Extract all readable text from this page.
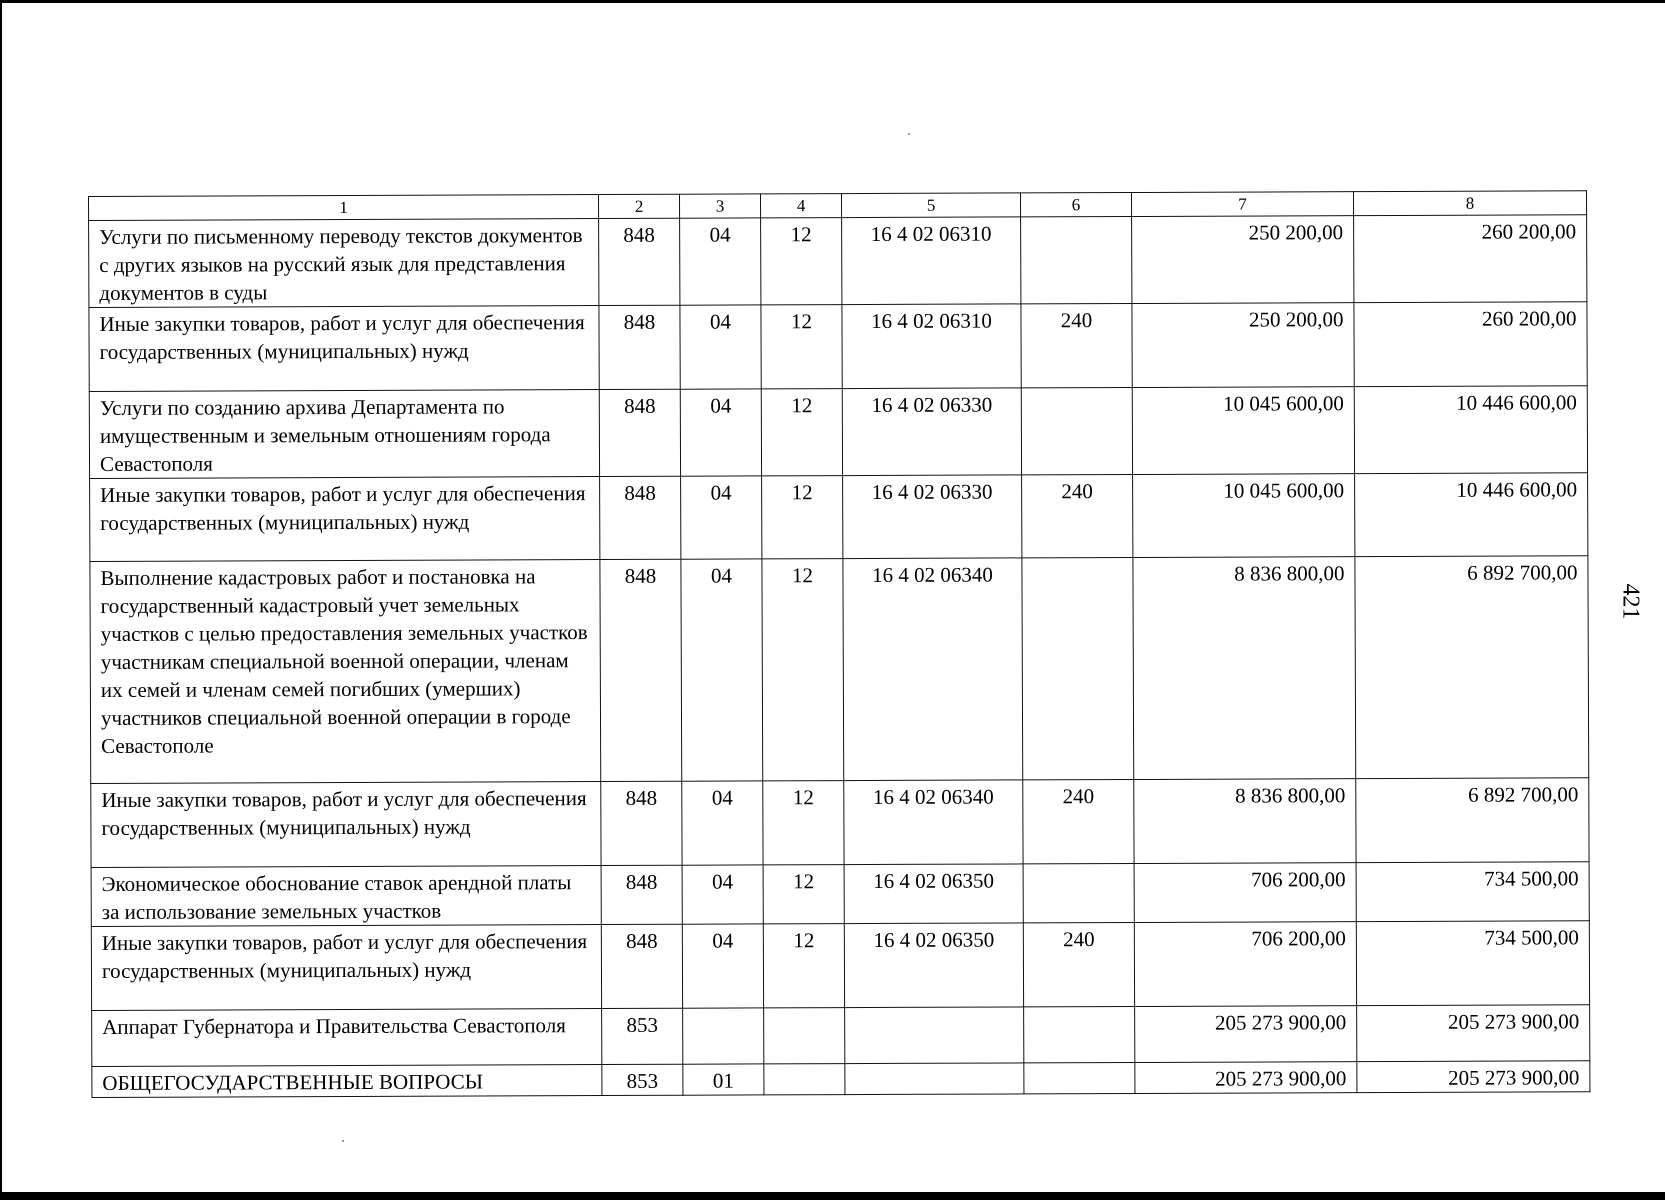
1	2	3	4	5	6	7	8
Услуги по письменному переводу текстов документов с других языков на русский язык для представления документов в суды	848	04	12	16 4 02 06310		250 200,00	260 200,00
Иные закупки товаров, работ и услуг для обеспечения государственных (муниципальных) нужд	848	04	12	16 4 02 06310	240	250 200,00	260 200,00
Услуги по созданию архива Департамента по имущественным и земельным отношениям города Севастополя	848	04	12	16 4 02 06330		10 045 600,00	10 446 600,00
Иные закупки товаров, работ и услуг для обеспечения государственных (муниципальных) нужд	848	04	12	16 4 02 06330	240	10 045 600,00	10 446 600,00
Выполнение кадастровых работ и постановка на государственный кадастровый учет земельных участков с целью предоставления земельных участков участникам специальной военной операции, членам их семей и членам семей погибших (умерших) участников специальной военной операции в городе Севастополе	848	04	12	16 4 02 06340		8 836 800,00	6 892 700,00
Иные закупки товаров, работ и услуг для обеспечения государственных (муниципальных) нужд	848	04	12	16 4 02 06340	240	8 836 800,00	6 892 700,00
Экономическое обоснование ставок арендной платы за использование земельных участков	848	04	12	16 4 02 06350		706 200,00	734 500,00
Иные закупки товаров, работ и услуг для обеспечения государственных (муниципальных) нужд	848	04	12	16 4 02 06350	240	706 200,00	734 500,00
Аппарат Губернатора и Правительства Севастополя	853					205 273 900,00	205 273 900,00
ОБЩЕГОСУДАРСТВЕННЫЕ ВОПРОСЫ	853	01				205 273 900,00	205 273 900,00
421
